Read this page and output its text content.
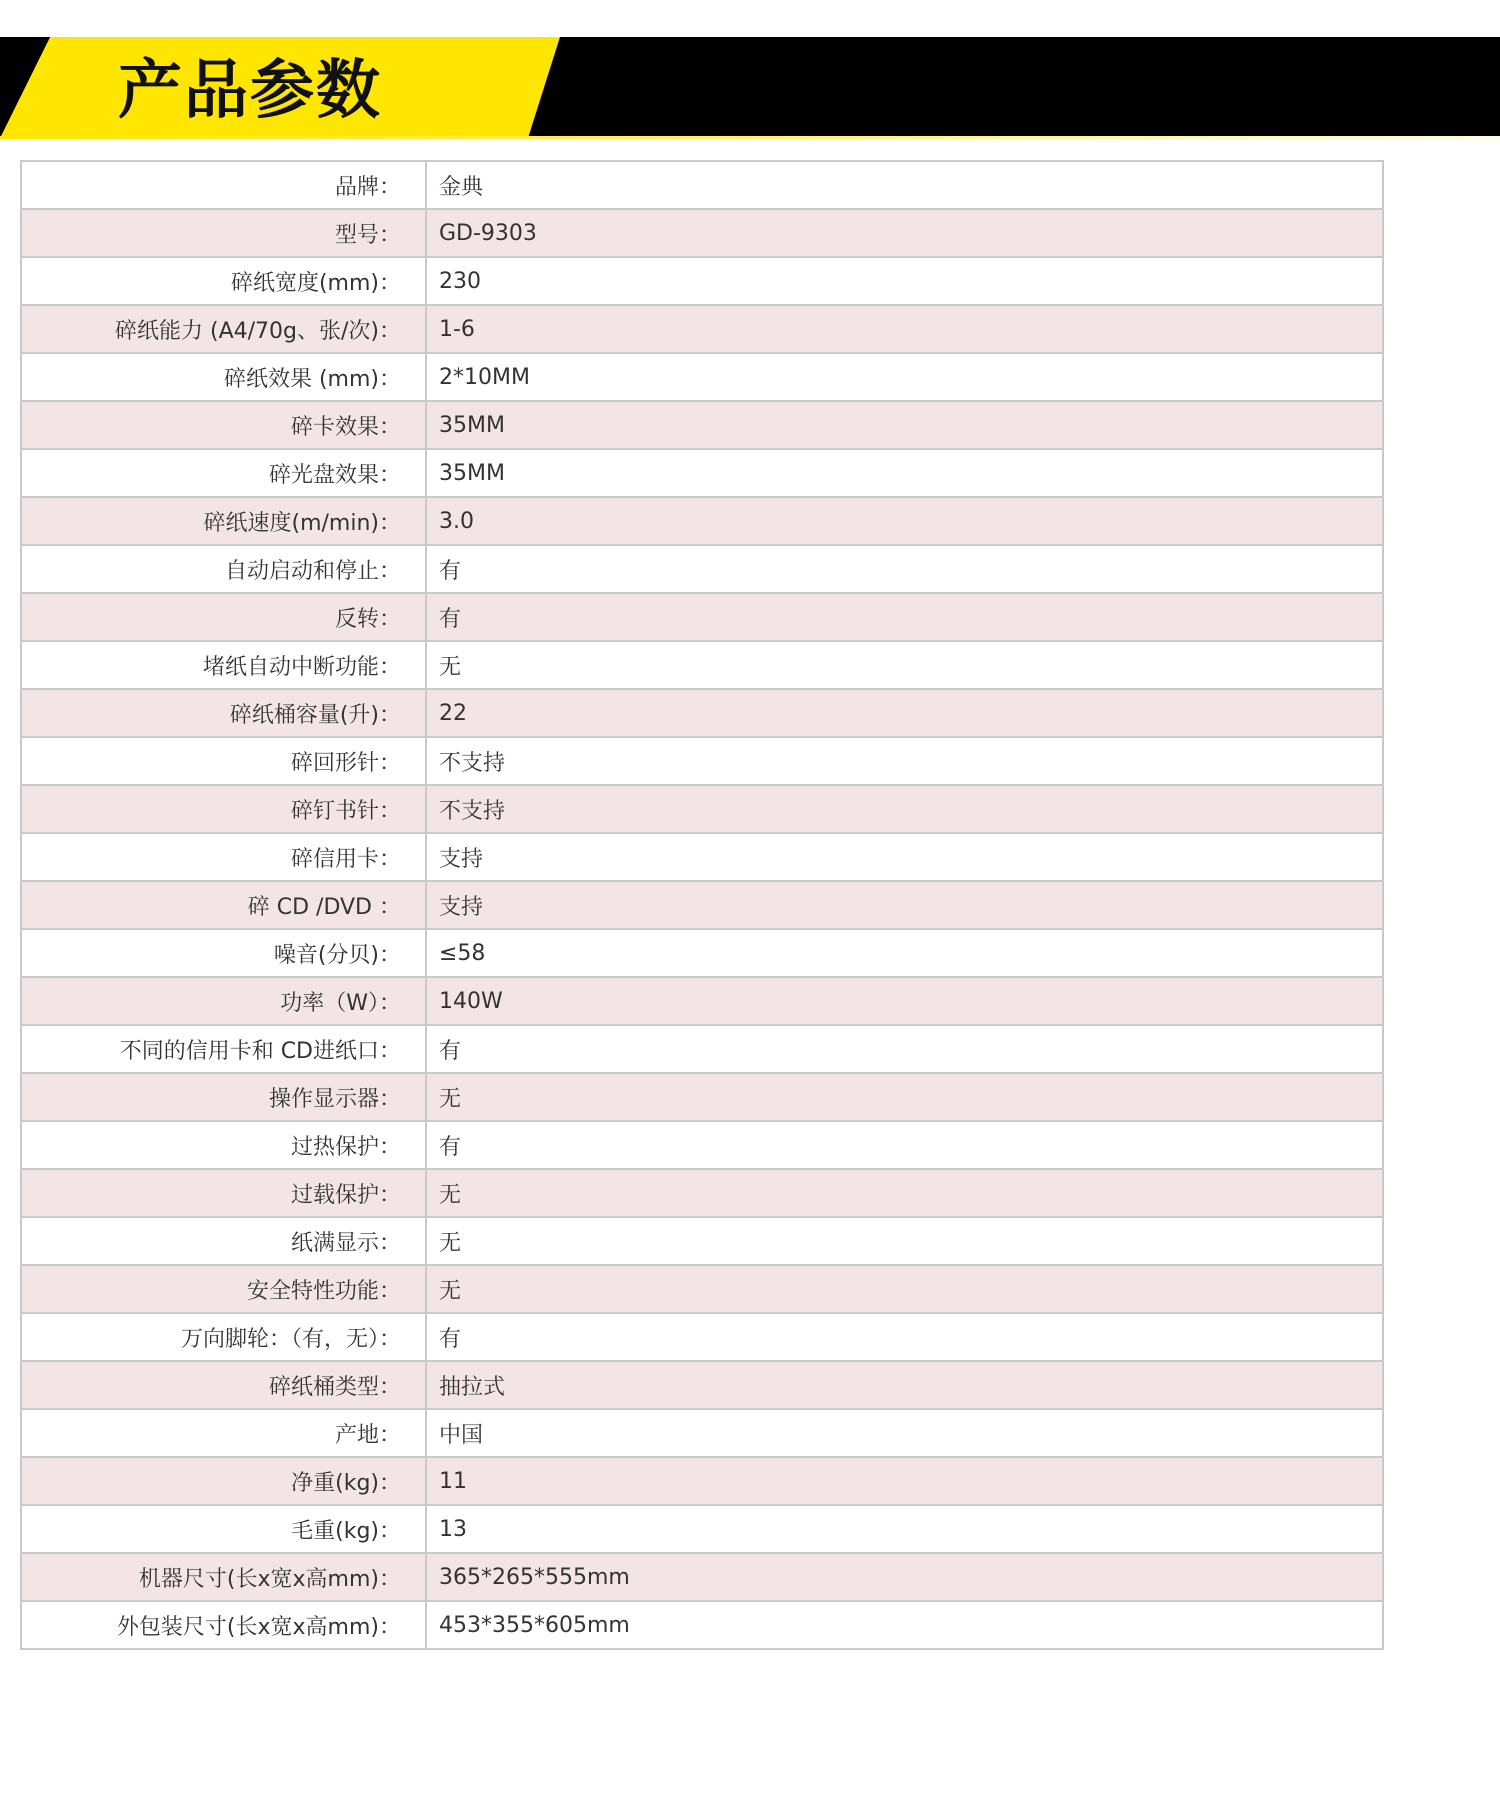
产品参数
品牌：	金典
型号：	GD-9303
碎纸宽度(mm)：	230
碎纸能力 (A4/70g、张/次)：	1-6
碎纸效果 (mm)：	2*10MM
碎卡效果：	35MM
碎光盘效果：	35MM
碎纸速度(m/min)：	3.0
自动启动和停止：	有
反转：	有
堵纸自动中断功能：	无
碎纸桶容量(升)：	22
碎回形针：	不支持
碎钉书针：	不支持
碎信用卡：	支持
碎 CD /DVD ：	支持
噪音(分贝)：	≤58
功率（W）：	140W
不同的信用卡和 CD进纸口：	有
操作显示器：	无
过热保护：	有
过载保护：	无
纸满显示：	无
安全特性功能：	无
万向脚轮：（有，无）：	有
碎纸桶类型：	抽拉式
产地：	中国
净重(kg)：	11
毛重(kg)：	13
机器尺寸(长x宽x高mm)：	365*265*555mm
外包装尺寸(长x宽x高mm)：	453*355*605mm
